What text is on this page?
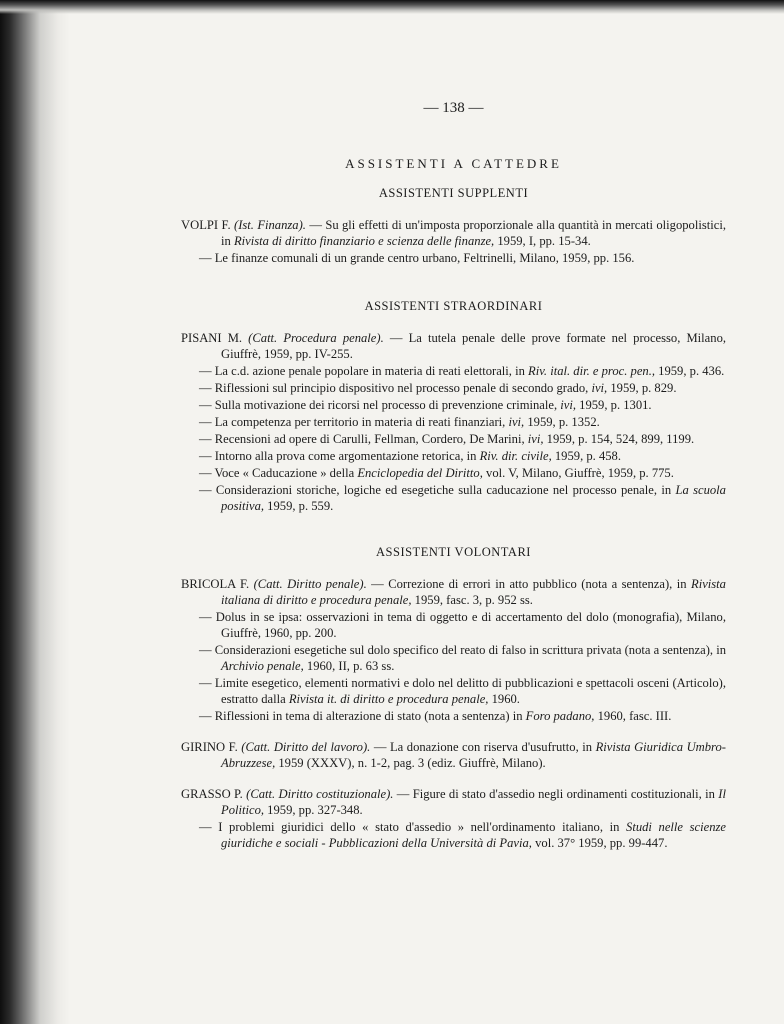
— 138 —
ASSISTENTI A CATTEDRE
ASSISTENTI SUPPLENTI

VOLPI F. (Ist. Finanza). — Su gli effetti di un'imposta proporzionale alla quantità in mercati oligopolistici, in Rivista di diritto finanziario e scienza delle finanze, 1959, I, pp. 15-34.

— Le finanze comunali di un grande centro urbano, Feltrinelli, Milano, 1959, pp. 156.

ASSISTENTI STRAORDINARI

PISANI M. (Catt. Procedura penale). — La tutela penale delle prove formate nel processo, Milano, Giuffrè, 1959, pp. IV-255.

— La c.d. azione penale popolare in materia di reati elettorali, in Riv. ital. dir. e proc. pen., 1959, p. 436.

— Riflessioni sul principio dispositivo nel processo penale di secondo grado, ivi, 1959, p. 829.

— Sulla motivazione dei ricorsi nel processo di prevenzione criminale, ivi, 1959, p. 1301.

— La competenza per territorio in materia di reati finanziari, ivi, 1959, p. 1352.

— Recensioni ad opere di Carulli, Fellman, Cordero, De Marini, ivi, 1959, p. 154, 524, 899, 1199.

— Intorno alla prova come argomentazione retorica, in Riv. dir. civile, 1959, p. 458.

— Voce « Caducazione » della Enciclopedia del Diritto, vol. V, Milano, Giuffrè, 1959, p. 775.

— Considerazioni storiche, logiche ed esegetiche sulla caducazione nel processo penale, in La scuola positiva, 1959, p. 559.

ASSISTENTI VOLONTARI

BRICOLA F. (Catt. Diritto penale). — Correzione di errori in atto pubblico (nota a sentenza), in Rivista italiana di diritto e procedura penale, 1959, fasc. 3, p. 952 ss.

— Dolus in se ipsa: osservazioni in tema di oggetto e di accertamento del dolo (monografia), Milano, Giuffrè, 1960, pp. 200.

— Considerazioni esegetiche sul dolo specifico del reato di falso in scrittura privata (nota a sentenza), in Archivio penale, 1960, II, p. 63 ss.

— Limite esegetico, elementi normativi e dolo nel delitto di pubblicazioni e spettacoli osceni (Articolo), estratto dalla Rivista it. di diritto e procedura penale, 1960.

— Riflessioni in tema di alterazione di stato (nota a sentenza) in Foro padano, 1960, fasc. III.

GIRINO F. (Catt. Diritto del lavoro). — La donazione con riserva d'usufrutto, in Rivista Giuridica Umbro-Abruzzese, 1959 (XXXV), n. 1-2, pag. 3 (ediz. Giuffrè, Milano).

GRASSO P. (Catt. Diritto costituzionale). — Figure di stato d'assedio negli ordinamenti costituzionali, in Il Politico, 1959, pp. 327-348.

— I problemi giuridici dello « stato d'assedio » nell'ordinamento italiano, in Studi nelle scienze giuridiche e sociali - Pubblicazioni della Università di Pavia, vol. 37° 1959, pp. 99-447.
